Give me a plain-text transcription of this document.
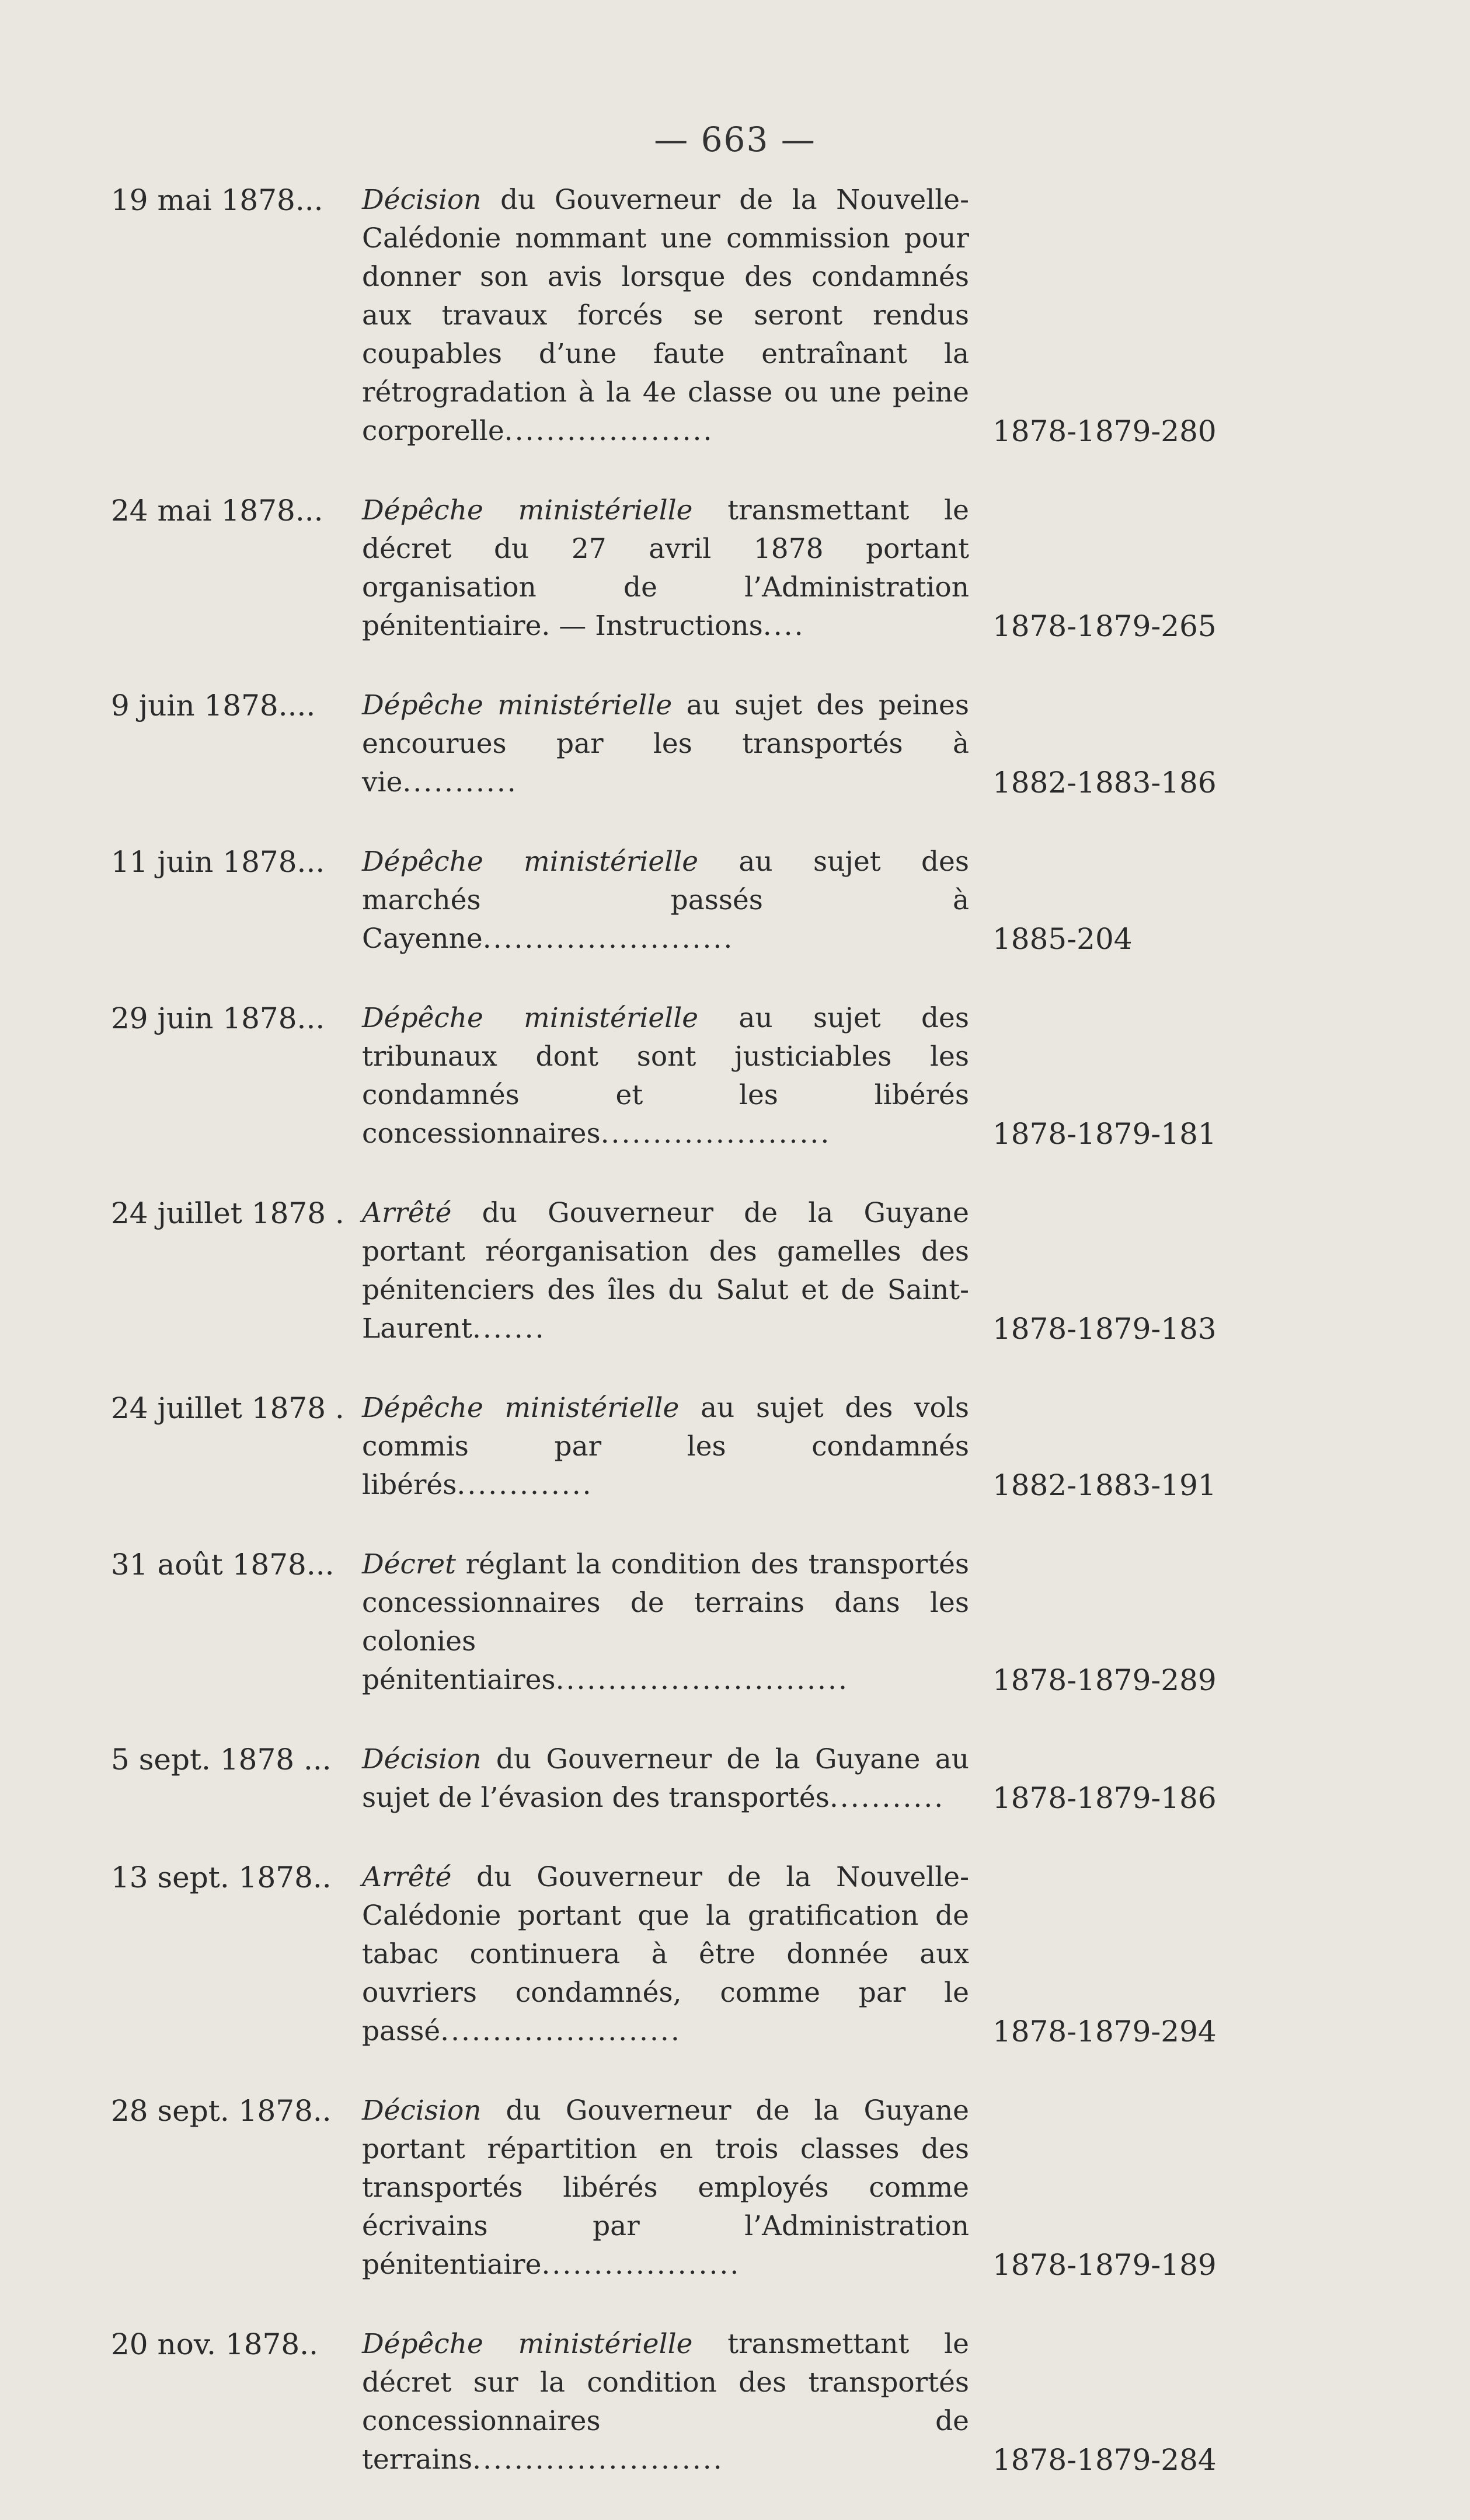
— 663 —
19 mai 1878...	Décision du Gouverneur de la Nouvelle-Calédonie nommant une commission pour donner son avis lorsque des condamnés aux travaux forcés se seront rendus coupables d’une faute entraînant la rétrogradation à la 4e classe ou une peine corporelle....................	1878-1879-280
24 mai 1878...	Dépêche ministérielle transmettant le décret du 27 avril 1878 portant organisation de l’Administration pénitentiaire. — Instructions....	1878-1879-265
9 juin 1878....	Dépêche ministérielle au sujet des peines encourues par les transportés à vie...........	1882-1883-186
11 juin 1878...	Dépêche ministérielle au sujet des marchés passés à Cayenne........................	1885-204
29 juin 1878...	Dépêche ministérielle au sujet des tribunaux dont sont justiciables les condamnés et les libérés concessionnaires......................	1878-1879-181
24 juillet 1878 . Arrêté du Gouverneur de la Guyane portant réorganisation des gamelles des pénitenciers des îles du Salut et de Saint-Laurent.......	1878-1879-183
24 juillet 1878 . Dépêche ministérielle au sujet des vols commis par les condamnés libérés.............	1882-1883-191
31 août 1878...	Décret réglant la condition des transportés concessionnaires de terrains dans les colonies pénitentiaires............................	1878-1879-289
5 sept. 1878 ...	Décision du Gouverneur de la Guyane au sujet de l’évasion des transportés...........	1878-1879-186
13 sept. 1878..	Arrêté du Gouverneur de la Nouvelle-Calédonie portant que la gratification de tabac continuera à être donnée aux ouvriers condamnés, comme par le passé.......................	1878-1879-294
28 sept. 1878..	Décision du Gouverneur de la Guyane portant répartition en trois classes des transportés libérés employés comme écrivains par l’Administration pénitentiaire...................	1878-1879-189
20 nov. 1878..	Dépêche ministérielle transmettant le décret sur la condition des transportés concessionnaires de terrains........................	1878-1879-284
